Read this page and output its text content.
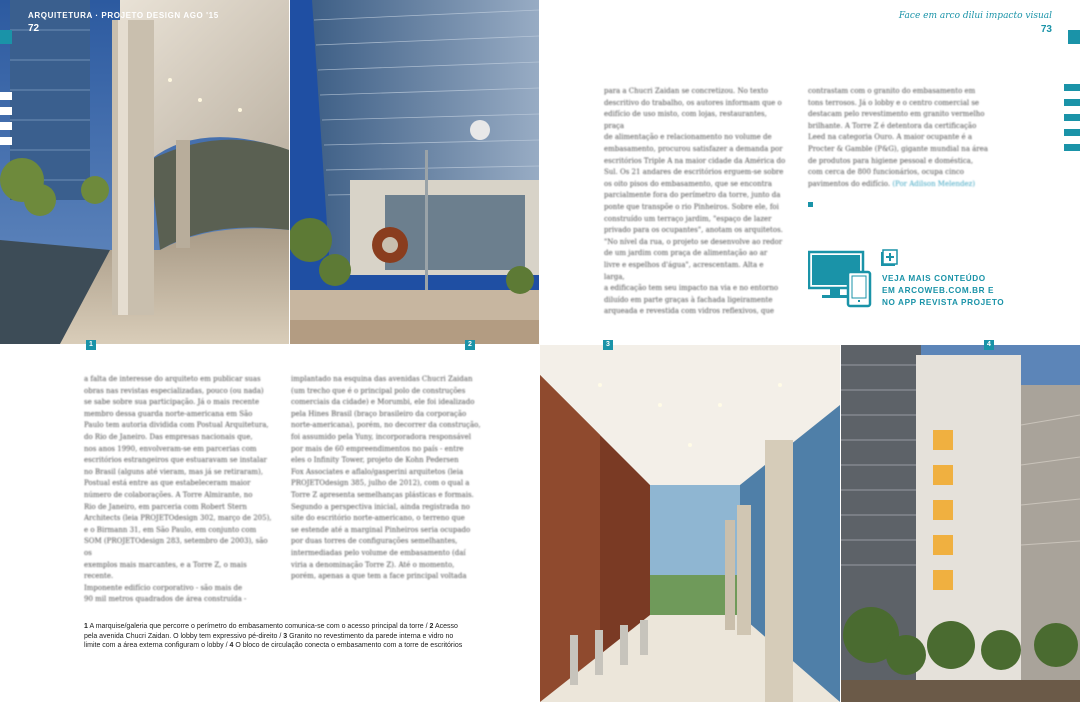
ARQUITETURA · PROJETO DESIGN AGO '15
72
Face em arco dilui impacto visual
73
1	2	3	4
para a Chucri Zaidan se concretizou. No texto
descritivo do trabalho, os autores informam que o
edifício de uso misto, com lojas, restaurantes, praça
de alimentação e relacionamento no volume de
embasamento, procurou satisfazer a demanda por
escritórios Triple A na maior cidade da América do
Sul. Os 21 andares de escritórios erguem-se sobre
os oito pisos do embasamento, que se encontra
parcialmente fora do perímetro da torre, junto da
ponte que transpõe o rio Pinheiros. Sobre ele, foi
construído um terraço jardim, "espaço de lazer
privado para os ocupantes", anotam os arquitetos.
"No nível da rua, o projeto se desenvolve ao redor
de um jardim com praça de alimentação ao ar
livre e espelhos d'água", acrescentam. Alta e larga,
a edificação tem seu impacto na via e no entorno
diluído em parte graças à fachada ligeiramente
arqueada e revestida com vidros reflexivos, que
contrastam com o granito do embasamento em
tons terrosos. Já o lobby e o centro comercial se
destacam pelo revestimento em granito vermelho
brilhante. A Torre Z é detentora da certificação
Leed na categoria Ouro. A maior ocupante é a
Procter & Gamble (P&G), gigante mundial na área
de produtos para higiene pessoal e doméstica,
com cerca de 800 funcionários, ocupa cinco
pavimentos do edifício. (Por Adilson Melendez)
a falta de interesse do arquiteto em publicar suas
obras nas revistas especializadas, pouco (ou nada)
se sabe sobre sua participação. Já o mais recente
membro dessa guarda norte-americana em São
Paulo tem autoria dividida com Postual Arquitetura,
do Rio de Janeiro. Das empresas nacionais que,
nos anos 1990, envolveram-se em parcerias com
escritórios estrangeiros que estuaravam se instalar
no Brasil (alguns até vieram, mas já se retiraram),
Postual está entre as que estabeleceram maior
número de colaborações. A Torre Almirante, no
Rio de Janeiro, em parceria com Robert Stern
Architects (leia PROJETOdesign 302, março de 205),
e o Birmann 31, em São Paulo, em conjunto com
SOM (PROJETOdesign 283, setembro de 2003), são os
exemplos mais marcantes, e a Torre Z, o mais recente.
Imponente edifício corporativo - são mais de
90 mil metros quadrados de área construída -
implantado na esquina das avenidas Chucri Zaidan
(um trecho que é o principal polo de construções
comerciais da cidade) e Morumbi, ele foi idealizado
pela Hines Brasil (braço brasileiro da corporação
norte-americana), porém, no decorrer da construção,
foi assumido pela Yuny, incorporadora responsável
por mais de 60 empreendimentos no país - entre
eles o Infinity Tower, projeto de Kohn Pedersen
Fox Associates e aflalo/gasperini arquitetos (leia
PROJETOdesign 385, julho de 2012), com o qual a
Torre Z apresenta semelhanças plásticas e formais.
Segundo a perspectiva inicial, ainda registrada no
site do escritório norte-americano, o terreno que
se estende até a marginal Pinheiros seria ocupado
por duas torres de configurações semelhantes,
intermediadas pelo volume de embasamento (daí
viria a denominação Torre Z). Até o momento,
porém, apenas a que tem a face principal voltada
1 A marquise/galeria que percorre o perímetro do embasamento comunica-se com o acesso principal da torre / 2 Acesso pela avenida Chucri Zaidan. O lobby tem expressivo pé-direito / 3 Granito no revestimento da parede interna e vidro no limite com a área externa configuram o lobby / 4 O bloco de circulação conecta o embasamento com a torre de escritórios
VEJA MAIS CONTEÚDO
EM ARCOWEB.COM.BR E
NO APP REVISTA PROJETO
